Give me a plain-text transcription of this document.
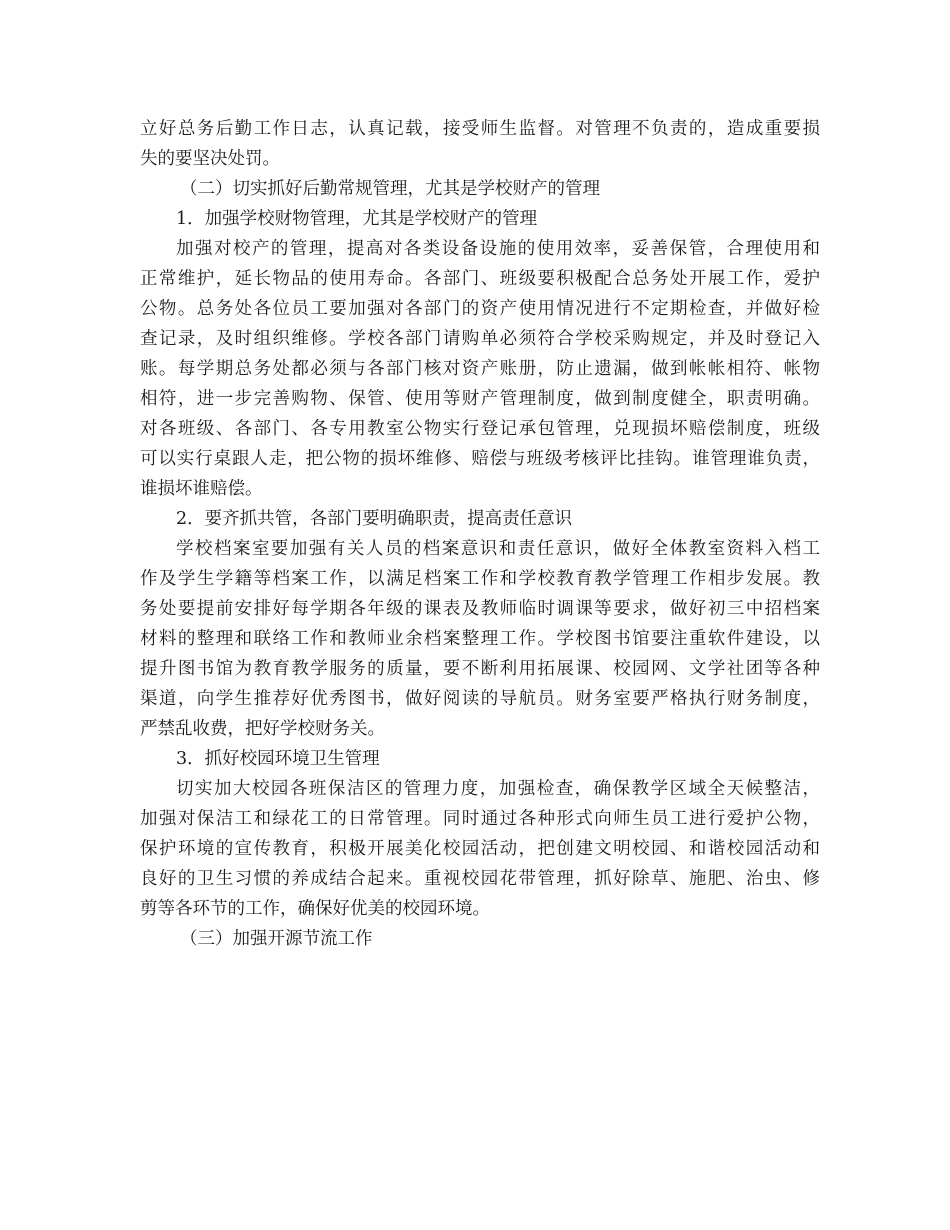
立好总务后勤工作日志，认真记载，接受师生监督。对管理不负责的，造成重要损
失的要坚决处罚。
（二）切实抓好后勤常规管理，尤其是学校财产的管理
1．加强学校财物管理，尤其是学校财产的管理
加强对校产的管理，提高对各类设备设施的使用效率，妥善保管，合理使用和
正常维护，延长物品的使用寿命。各部门、班级要积极配合总务处开展工作，爱护
公物。总务处各位员工要加强对各部门的资产使用情况进行不定期检查，并做好检
查记录，及时组织维修。学校各部门请购单必须符合学校采购规定，并及时登记入
账。每学期总务处都必须与各部门核对资产账册，防止遗漏，做到帐帐相符、帐物
相符，进一步完善购物、保管、使用等财产管理制度，做到制度健全，职责明确。
对各班级、各部门、各专用教室公物实行登记承包管理，兑现损坏赔偿制度，班级
可以实行桌跟人走，把公物的损坏维修、赔偿与班级考核评比挂钩。谁管理谁负责，
谁损坏谁赔偿。
2．要齐抓共管，各部门要明确职责，提高责任意识
学校档案室要加强有关人员的档案意识和责任意识，做好全体教室资料入档工
作及学生学籍等档案工作，以满足档案工作和学校教育教学管理工作相步发展。教
务处要提前安排好每学期各年级的课表及教师临时调课等要求，做好初三中招档案
材料的整理和联络工作和教师业余档案整理工作。学校图书馆要注重软件建设，以
提升图书馆为教育教学服务的质量，要不断利用拓展课、校园网、文学社团等各种
渠道，向学生推荐好优秀图书，做好阅读的导航员。财务室要严格执行财务制度，
严禁乱收费，把好学校财务关。
3．抓好校园环境卫生管理
切实加大校园各班保洁区的管理力度，加强检查，确保教学区域全天候整洁，
加强对保洁工和绿花工的日常管理。同时通过各种形式向师生员工进行爱护公物，
保护环境的宣传教育，积极开展美化校园活动，把创建文明校园、和谐校园活动和
良好的卫生习惯的养成结合起来。重视校园花带管理，抓好除草、施肥、治虫、修
剪等各环节的工作，确保好优美的校园环境。
（三）加强开源节流工作
